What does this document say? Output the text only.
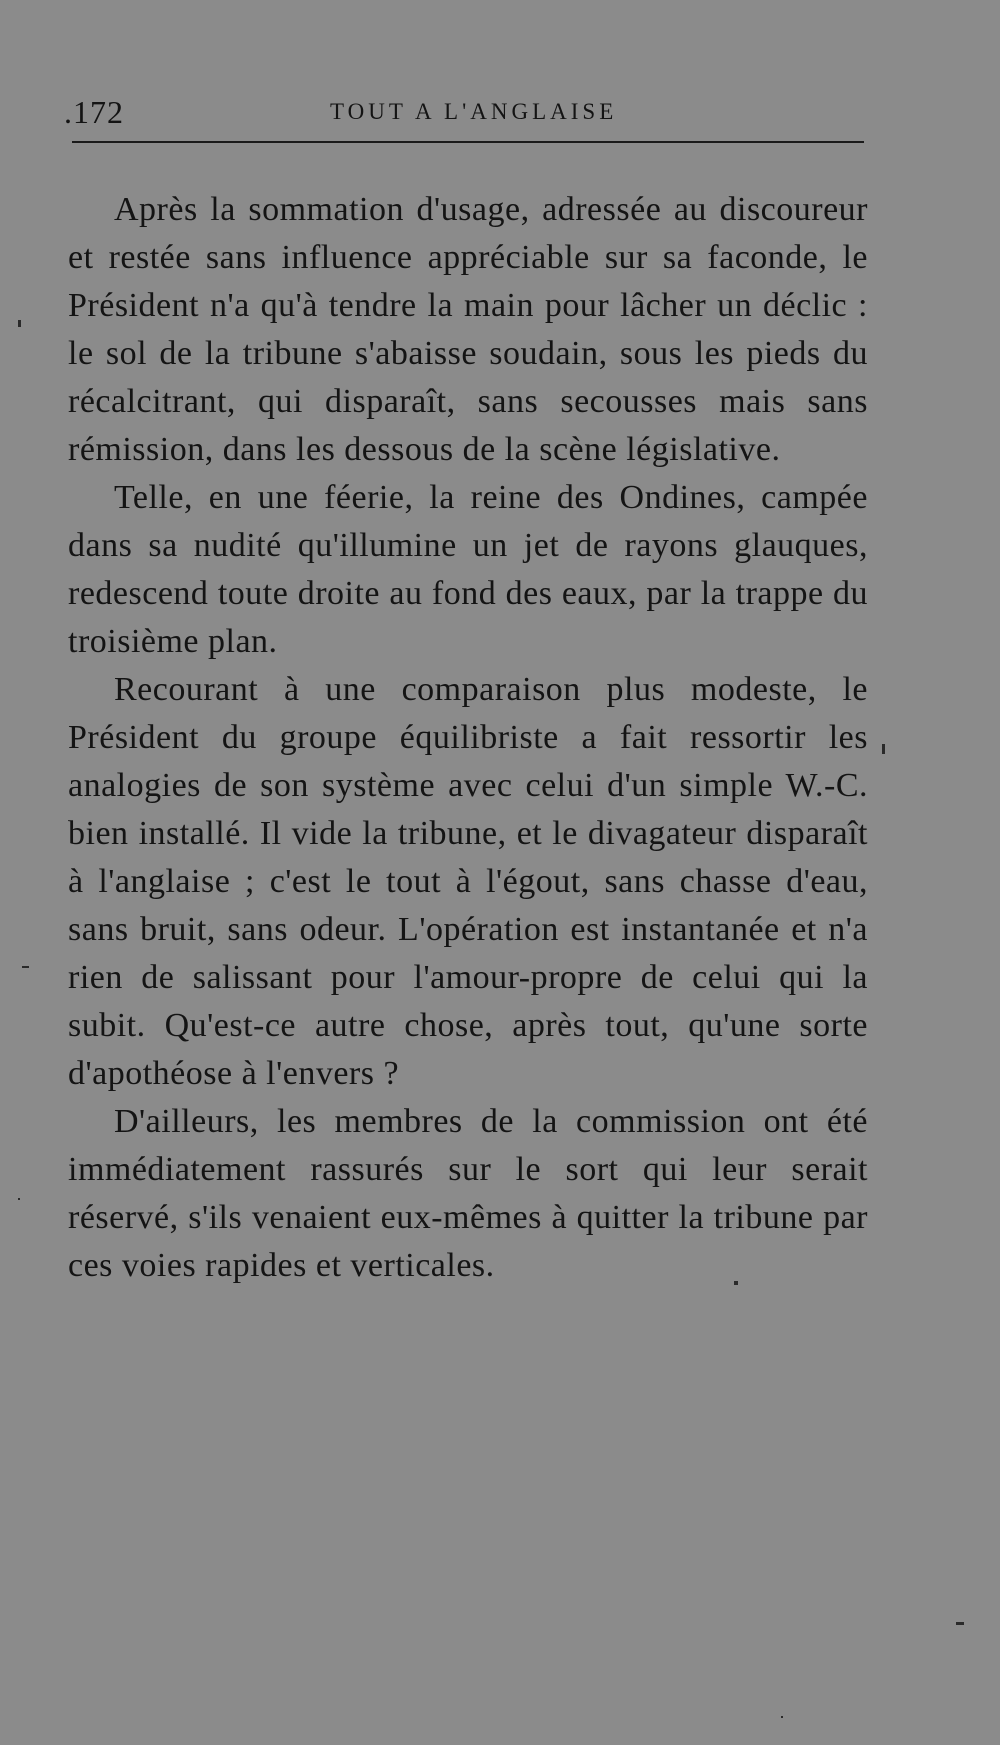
.172	TOUT A L'ANGLAISE

Après la sommation d'usage, adressée au discoureur et restée sans influence appréciable sur sa faconde, le Président n'a qu'à tendre la main pour lâcher un déclic : le sol de la tribune s'abaisse soudain, sous les pieds du récalcitrant, qui disparaît, sans secousses mais sans rémission, dans les dessous de la scène législative.

Telle, en une féerie, la reine des Ondines, campée dans sa nudité qu'illumine un jet de rayons glauques, redescend toute droite au fond des eaux, par la trappe du troisième plan.

Recourant à une comparaison plus modeste, le Président du groupe équilibriste a fait ressortir les analogies de son système avec celui d'un simple W.-C. bien installé. Il vide la tribune, et le divagateur disparaît à l'anglaise ; c'est le tout à l'égout, sans chasse d'eau, sans bruit, sans odeur. L'opération est instantanée et n'a rien de salissant pour l'amour-propre de celui qui la subit. Qu'est-ce autre chose, après tout, qu'une sorte d'apothéose à l'envers ?

D'ailleurs, les membres de la commission ont été immédiatement rassurés sur le sort qui leur serait réservé, s'ils venaient eux-mêmes à quitter la tribune par ces voies rapides et verticales.
